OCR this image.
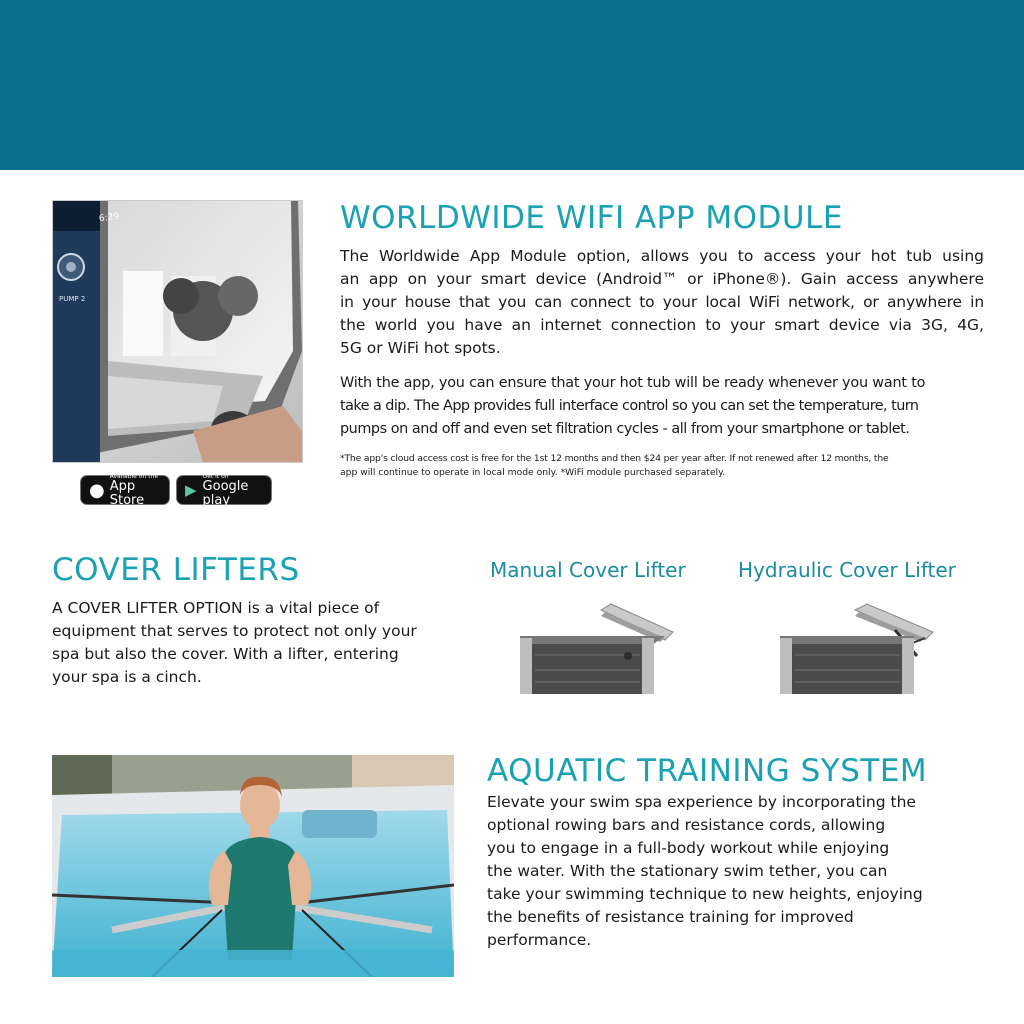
6:29
PUMP 2
●
Available on the
App Store
▶
Get it on
Google play
WORLDWIDE WIFI APP MODULE

The Worldwide App Module option, allows you to access your hot tub using

an app on your smart device (Android™ or iPhone®). Gain access anywhere

in your house that you can connect to your local WiFi network, or anywhere in

the world you have an internet connection to your smart device via 3G, 4G,

5G or WiFi hot spots.

With the app, you can ensure that your hot tub will be ready whenever you want to

take a dip. The App provides full interface control so you can set the temperature, turn

pumps on and off and even set filtration cycles - all from your smartphone or tablet.

*The app's cloud access cost is free for the 1st 12 months and then $24 per year after. If not renewed after 12 months, the

app will continue to operate in local mode only. *WiFi module purchased separately.

COVER LIFTERS

A COVER LIFTER OPTION is a vital piece of

equipment that serves to protect not only your

spa but also the cover. With a lifter, entering

your spa is a cinch.

Manual Cover Lifter	Hydraulic Cover Lifter

AQUATIC TRAINING SYSTEM

Elevate your swim spa experience by incorporating the

optional rowing bars and resistance cords, allowing

you to engage in a full-body workout while enjoying

the water. With the stationary swim tether, you can

take your swimming technique to new heights, enjoying

the benefits of resistance training for improved

performance.
